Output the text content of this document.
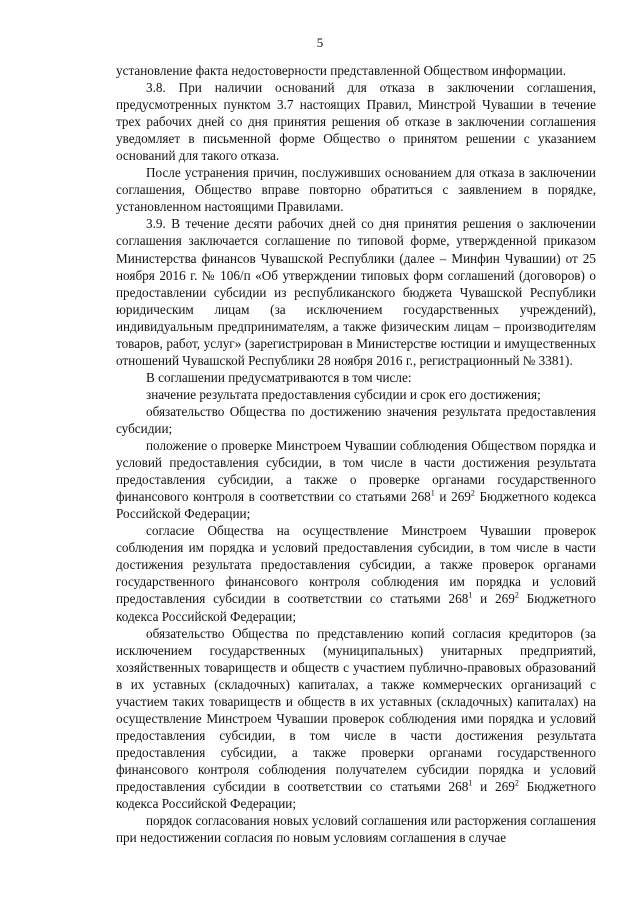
5

установление факта недостоверности представленной Обществом информации.

3.8. При наличии оснований для отказа в заключении соглашения, предусмотренных пунктом 3.7 настоящих Правил, Минстрой Чувашии в течение трех рабочих дней со дня принятия решения об отказе в заключении соглашения уведомляет в письменной форме Общество о принятом решении с указанием оснований для такого отказа.

После устранения причин, послуживших основанием для отказа в заключении соглашения, Общество вправе повторно обратиться с заявлением в порядке, установленном настоящими Правилами.

3.9. В течение десяти рабочих дней со дня принятия решения о заключении соглашения заключается соглашение по типовой форме, утвержденной приказом Министерства финансов Чувашской Республики (далее – Минфин Чувашии) от 25 ноября 2016 г. № 106/п «Об утверждении типовых форм соглашений (договоров) о предоставлении субсидии из республиканского бюджета Чувашской Республики юридическим лицам (за исключением государственных учреждений), индивидуальным предпринимателям, а также физическим лицам – производителям товаров, работ, услуг» (зарегистрирован в Министерстве юстиции и имущественных отношений Чувашской Республики 28 ноября 2016 г., регистрационный № 3381).

В соглашении предусматриваются в том числе:

значение результата предоставления субсидии и срок его достижения;

обязательство Общества по достижению значения результата предоставления субсидии;

положение о проверке Минстроем Чувашии соблюдения Обществом порядка и условий предоставления субсидии, в том числе в части достижения результата предоставления субсидии, а также о проверке органами государственного финансового контроля в соответствии со статьями $268^1$ и $269^2$ Бюджетного кодекса Российской Федерации;

согласие Общества на осуществление Минстроем Чувашии проверок соблюдения им порядка и условий предоставления субсидии, в том числе в части достижения результата предоставления субсидии, а также проверок органами государственного финансового контроля соблюдения им порядка и условий предоставления субсидии в соответствии со статьями $268^1$ и $269^2$ Бюджетного кодекса Российской Федерации;

обязательство Общества по представлению копий согласия кредиторов (за исключением государственных (муниципальных) унитарных предприятий, хозяйственных товариществ и обществ с участием публично-правовых образований в их уставных (складочных) капиталах, а также коммерческих организаций с участием таких товариществ и обществ в их уставных (складочных) капиталах) на осуществление Минстроем Чувашии проверок соблюдения ими порядка и условий предоставления субсидии, в том числе в части достижения результата предоставления субсидии, а также проверки органами государственного финансового контроля соблюдения получателем субсидии порядка и условий предоставления субсидии в соответствии со статьями $268^1$ и $269^2$ Бюджетного кодекса Российской Федерации;

порядок согласования новых условий соглашения или расторжения соглашения при недостижении согласия по новым условиям соглашения в случае
